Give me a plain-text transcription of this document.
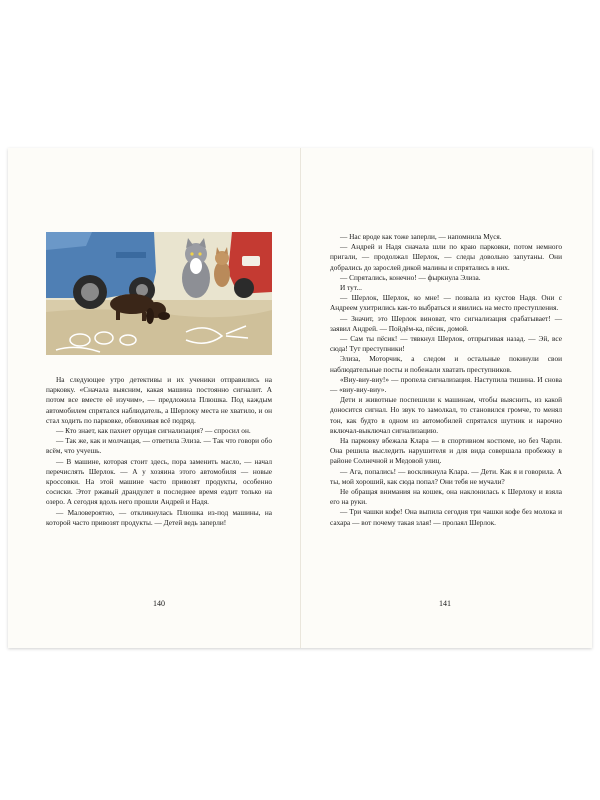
На следующее утро детективы и их ученики отправились на парковку. «Сначала выясним, какая машина постоянно сигналит. А потом все вместе её изучим», — предложила Плюшка. Под каждым автомобилем спрятался наблюдатель, а Шерлоку места не хватило, и он стал ходить по парковке, обнюхивая всё подряд.

— Кто знает, как пахнет орущая сигнализация? — спросил он.

— Так же, как и молчащая, — ответила Элиза. — Так что говори обо всём, что учуешь.

— В машине, которая стоит здесь, пора заменить масло, — начал перечислять Шерлок. — А у хозяина этого автомобиля — новые кроссовки. На этой машине часто привозят продукты, особенно сосиски. Этот ржавый драндулет в последнее время ездит только на озеро. А сегодня вдоль него прошли Андрей и Надя.

— Маловероятно, — откликнулась Плюшка из-под машины, на которой часто привозят продукты. — Детей ведь заперли!

140

— Нас вроде как тоже заперли, — напомнила Муся.

— Андрей и Надя сначала шли по краю парковки, потом немного пригали, — продолжал Шерлок, — следы довольно запутаны. Они добрались до зарослей дикой малины и спрятались в них.

— Спрятались, конечно! — фыркнула Элиза.

И тут...

— Шерлок, Шерлок, ко мне! — позвала из кустов Надя. Они с Андреем ухитрились как-то выбраться и явились на место преступления.

— Значит, это Шерлок виноват, что сигнализация срабатывает! — заявил Андрей. — Пойдём-ка, пёсик, домой.

— Сам ты пёсик! — тявкнул Шерлок, отпрыгивая назад. — Эй, все сюда! Тут преступники!

Элиза, Моторчик, а следом и остальные покинули свои наблюдательные посты и побежали хватать преступников.

«Виу-виу-виу!» — пропела сигнализация. Наступила тишина. И снова — «виу-виу-виу».

Дети и животные поспешили к машинам, чтобы выяснить, из какой доносится сигнал. Но звук то замолкал, то становился громче, то менял тон, как будто в одном из автомобилей спрятался шутник и нарочно включал-выключал сигнализацию.

На парковку вбежала Клара — в спортивном костюме, но без Чарли. Она решила выследить нарушителя и для вида совершала пробежку в районе Солнечной и Медовой улиц.

— Ага, попались! — воскликнула Клара. — Дети. Как я и говорила. А ты, мой хороший, как сюда попал? Они тебя не мучали?

Не обращая внимания на кошек, она наклонилась к Шерлоку и взяла его на руки.

— Три чашки кофе! Она выпила сегодня три чашки кофе без молока и сахара — вот почему такая злая! — пролаял Шерлок.

141
